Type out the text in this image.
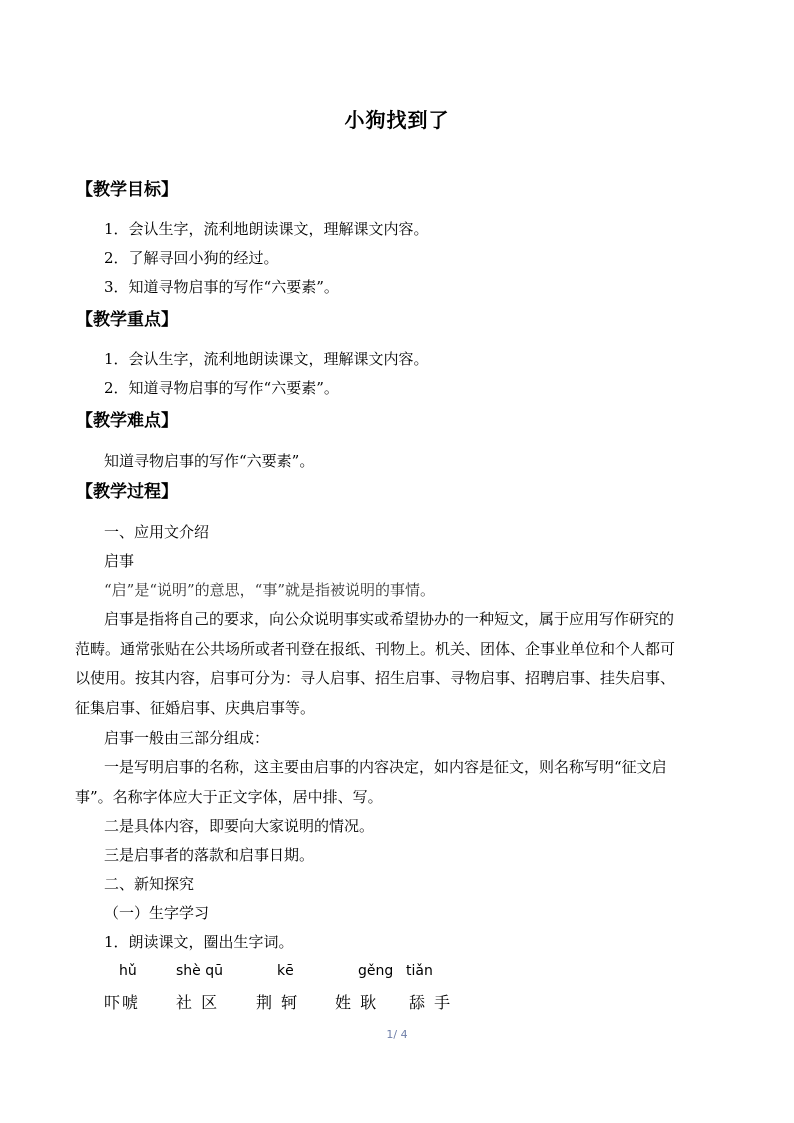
小狗找到了
【教学目标】
1．会认生字，流利地朗读课文，理解课文内容。
2．了解寻回小狗的经过。
3．知道寻物启事的写作“六要素”。
【教学重点】
1．会认生字，流利地朗读课文，理解课文内容。
2．知道寻物启事的写作“六要素”。
【教学难点】
知道寻物启事的写作“六要素”。
【教学过程】
一、应用文介绍
启事
“启”是“说明”的意思，“事”就是指被说明的事情。
启事是指将自己的要求，向公众说明事实或希望协办的一种短文，属于应用写作研究的
范畴。通常张贴在公共场所或者刊登在报纸、刊物上。机关、团体、企事业单位和个人都可
以使用。按其内容，启事可分为：寻人启事、招生启事、寻物启事、招聘启事、挂失启事、
征集启事、征婚启事、庆典启事等。
启事一般由三部分组成：
一是写明启事的名称，这主要由启事的内容决定，如内容是征文，则名称写明“征文启
事”。名称字体应大于正文字体，居中排、写。
二是具体内容，即要向大家说明的情况。
三是启事者的落款和启事日期。
二、新知探究
（一）生字学习
1．朗读课文，圈出生字词。
hǔ
吓唬
shè qū
社 区
kē
荆 轲
gěng
姓 耿
tiǎn
舔 手
1/ 4
